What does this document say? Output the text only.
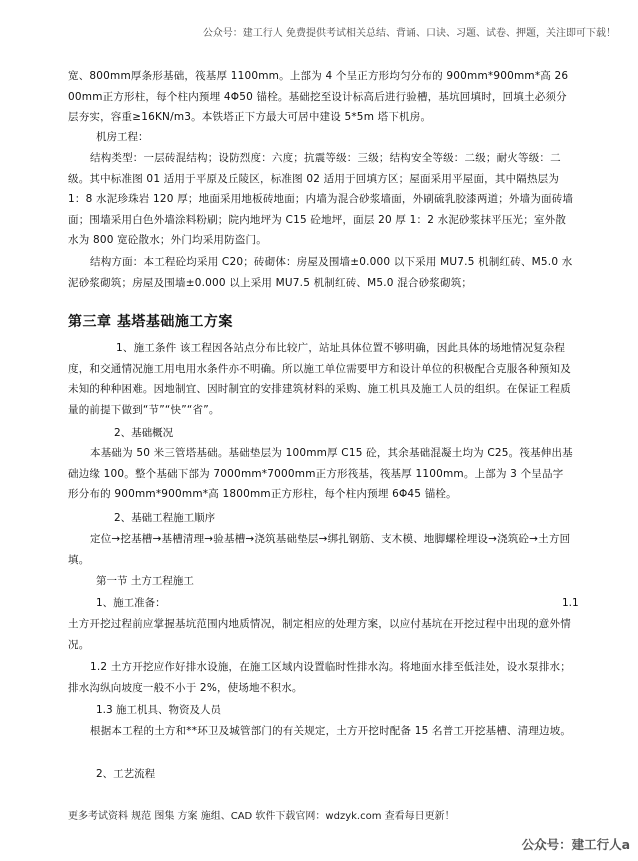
公众号：建工行人 免费提供考试相关总结、背诵、口诀、习题、试卷、押题，关注即可下载！

宽、800mm厚条形基础，筏基厚 1100mm。上部为 4 个呈正方形均匀分布的 900mm*900mm*高 2600mm正方形柱，每个柱内预埋 4Φ50 锚栓。基础挖至设计标高后进行验槽，基坑回填时，回填土必须分层夯实，容重≥16KN/m3。本铁塔正下方最大可居中建设 5*5m 塔下机房。

机房工程：

结构类型：一层砖混结构；设防烈度：六度；抗震等级：三级；结构安全等级：二级；耐火等级：二级。其中标准图 01 适用于平原及丘陵区，标准图 02 适用于回填方区；屋面采用平屋面，其中隔热层为 1：8 水泥珍珠岩 120 厚；地面采用地板砖地面；内墙为混合砂浆墙面，外刷硫乳胶漆两道；外墙为面砖墙面；围墙采用白色外墙涂料粉刷；院内地坪为 C15 砼地坪，面层 20 厚 1：2 水泥砂浆抹平压光；室外散水为 800 宽砼散水；外门均采用防盗门。

结构方面：本工程砼均采用 C20；砖砌体：房屋及围墙±0.000 以下采用 MU7.5 机制红砖、M5.0 水泥砂浆砌筑；房屋及围墙±0.000 以上采用 MU7.5 机制红砖、M5.0 混合砂浆砌筑；

第三章 基塔基础施工方案

1、施工条件 该工程因各站点分布比较广，站址具体位置不够明确，因此具体的场地情况复杂程度，和交通情况施工用电用水条件亦不明确。所以施工单位需要甲方和设计单位的积极配合克服各种预知及未知的种种困难。因地制宜、因时制宜的安排建筑材料的采购、施工机具及施工人员的组织。在保证工程质量的前提下做到“节”“快”“省”。

2、基础概况

本基础为 50 米三管塔基础。基础垫层为 100mm厚 C15 砼，其余基础混凝土均为 C25。筏基伸出基础边缘 100。整个基础下部为 7000mm*7000mm正方形筏基，筏基厚 1100mm。上部为 3 个呈品字形分布的 900mm*900mm*高 1800mm正方形柱，每个柱内预埋 6Φ45 锚栓。

2、基础工程施工顺序

定位→挖基槽→基槽清理→验基槽→浇筑基础垫层→绑扎钢筋、支木模、地脚螺栓埋设→浇筑砼→土方回填。

第一节 土方工程施工

1、施工准备：	1.1

土方开挖过程前应掌握基坑范围内地质情况，制定相应的处理方案，以应付基坑在开挖过程中出现的意外情况。

1.2 土方开挖应作好排水设施，在施工区域内设置临时性排水沟。将地面水排至低洼处，设水泵排水；排水沟纵向坡度一般不小于 2%，使场地不积水。

1.3 施工机具、物资及人员

根据本工程的土方和**环卫及城管部门的有关规定，土方开挖时配备 15 名普工开挖基槽、清理边坡。

2、工艺流程

更多考试资料 规范 图集 方案 施组、CAD 软件下载官网：wdzyk.com 查看每日更新！
公众号：建工行人a
